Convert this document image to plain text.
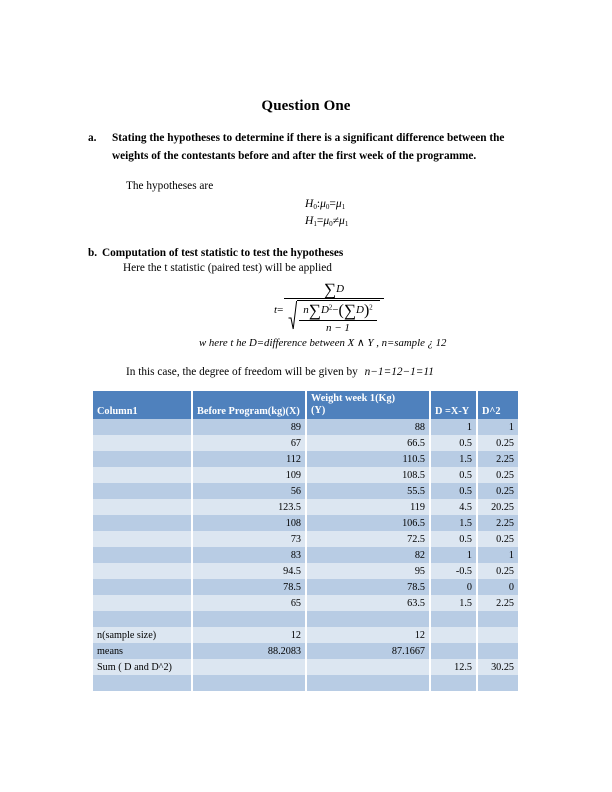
Question One
a. Stating the hypotheses to determine if there is a significant difference between the
weights of the contestants before and after the first week of the programme.
The hypotheses are
$H_0:\mu_0=\mu_1$
$H_1=\mu_0\ne\mu_1$
b. Computation of test statistic to test the hypotheses
Here the t statistic (paired test) will be applied
$t = \frac{\sum D}{\frac{n\sum D^2-(\sum D)^2}{n - 1}}$
w here t he D=difference between X ∧ Y , n=sample ¿ 12
In this case, the degree of freedom will be given by n−1=12−1=11
Column1	Before Program(kg)(X)	Weight week 1(Kg)
(Y)	D =X-Y	D^2
	89	88	1	1
	67	66.5	0.5	0.25
	112	110.5	1.5	2.25
	109	108.5	0.5	0.25
	56	55.5	0.5	0.25
	123.5	119	4.5	20.25
	108	106.5	1.5	2.25
	73	72.5	0.5	0.25
	83	82	1	1
	94.5	95	-0.5	0.25
	78.5	78.5	0	0
	65	63.5	1.5	2.25

n(sample size)	12	12		
means	88.2083	87.1667		
Sum ( D and D^2)			12.5	30.25
